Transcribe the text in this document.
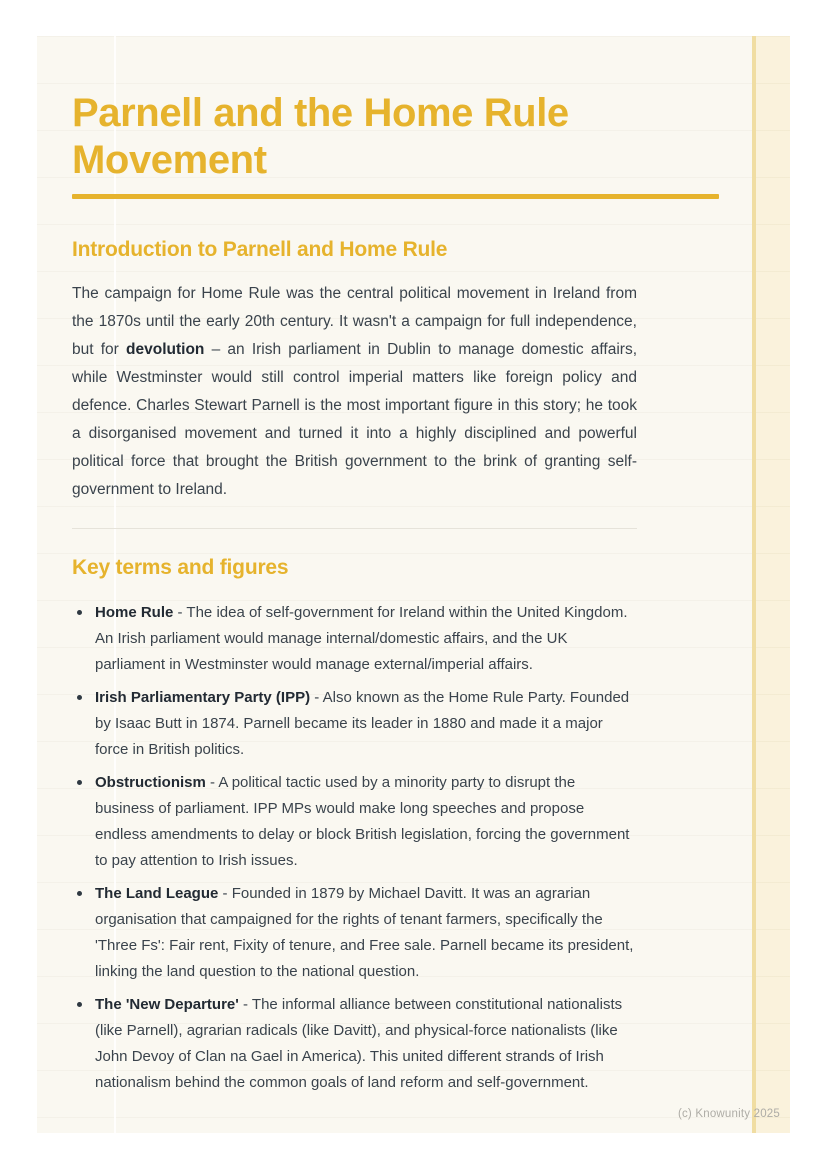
Parnell and the Home Rule Movement
Introduction to Parnell and Home Rule

The campaign for Home Rule was the central political movement in Ireland from the 1870s until the early 20th century. It wasn't a campaign for full independence, but for devolution – an Irish parliament in Dublin to manage domestic affairs, while Westminster would still control imperial matters like foreign policy and defence. Charles Stewart Parnell is the most important figure in this story; he took a disorganised movement and turned it into a highly disciplined and powerful political force that brought the British government to the brink of granting self-government to Ireland.

Key terms and figures
Home Rule - The idea of self-government for Ireland within the United Kingdom. An Irish parliament would manage internal/domestic affairs, and the UK parliament in Westminster would manage external/imperial affairs.
Irish Parliamentary Party (IPP) - Also known as the Home Rule Party. Founded by Isaac Butt in 1874. Parnell became its leader in 1880 and made it a major force in British politics.
Obstructionism - A political tactic used by a minority party to disrupt the business of parliament. IPP MPs would make long speeches and propose endless amendments to delay or block British legislation, forcing the government to pay attention to Irish issues.
The Land League - Founded in 1879 by Michael Davitt. It was an agrarian organisation that campaigned for the rights of tenant farmers, specifically the 'Three Fs': Fair rent, Fixity of tenure, and Free sale. Parnell became its president, linking the land question to the national question.
The 'New Departure' - The informal alliance between constitutional nationalists (like Parnell), agrarian radicals (like Davitt), and physical-force nationalists (like John Devoy of Clan na Gael in America). This united different strands of Irish nationalism behind the common goals of land reform and self-government.
(c) Knowunity 2025
